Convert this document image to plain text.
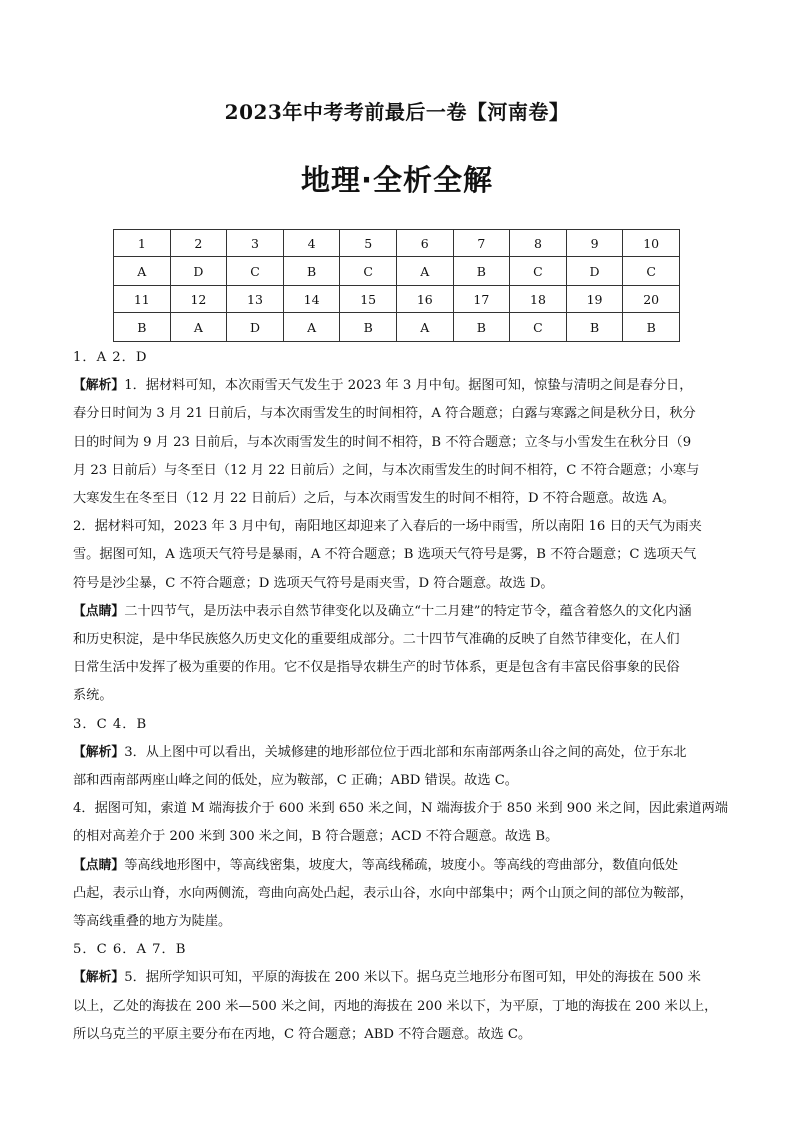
2023年中考考前最后一卷【河南卷】
地理·全析全解
1	2	3	4	5	6	7	8	9	10
A	D	C	B	C	A	B	C	D	C
11	12	13	14	15	16	17	18	19	20
B	A	D	A	B	A	B	C	B	B

1．A 2．D

【解析】1．据材料可知，本次雨雪天气发生于 2023 年 3 月中旬。据图可知，惊蛰与清明之间是春分日，

春分日时间为 3 月 21 日前后，与本次雨雪发生的时间相符，A 符合题意；白露与寒露之间是秋分日，秋分

日的时间为 9 月 23 日前后，与本次雨雪发生的时间不相符，B 不符合题意；立冬与小雪发生在秋分日（9

月 23 日前后）与冬至日（12 月 22 日前后）之间，与本次雨雪发生的时间不相符，C 不符合题意；小寒与

大寒发生在冬至日（12 月 22 日前后）之后，与本次雨雪发生的时间不相符，D 不符合题意。故选 A。

2．据材料可知，2023 年 3 月中旬，南阳地区却迎来了入春后的一场中雨雪，所以南阳 16 日的天气为雨夹

雪。据图可知，A 选项天气符号是暴雨，A 不符合题意；B 选项天气符号是雾，B 不符合题意；C 选项天气

符号是沙尘暴，C 不符合题意；D 选项天气符号是雨夹雪，D 符合题意。故选 D。

【点睛】二十四节气，是历法中表示自然节律变化以及确立“十二月建”的特定节令，蕴含着悠久的文化内涵

和历史积淀，是中华民族悠久历史文化的重要组成部分。二十四节气准确的反映了自然节律变化，在人们

日常生活中发挥了极为重要的作用。它不仅是指导农耕生产的时节体系，更是包含有丰富民俗事象的民俗

系统。

3．C 4．B

【解析】3．从上图中可以看出，关城修建的地形部位位于西北部和东南部两条山谷之间的高处，位于东北

部和西南部两座山峰之间的低处，应为鞍部，C 正确；ABD 错误。故选 C。

4．据图可知，索道 M 端海拔介于 600 米到 650 米之间，N 端海拔介于 850 米到 900 米之间，因此索道两端

的相对高差介于 200 米到 300 米之间，B 符合题意；ACD 不符合题意。故选 B。

【点睛】等高线地形图中，等高线密集，坡度大，等高线稀疏，坡度小。等高线的弯曲部分，数值向低处

凸起，表示山脊，水向两侧流，弯曲向高处凸起，表示山谷，水向中部集中；两个山顶之间的部位为鞍部，

等高线重叠的地方为陡崖。

5．C 6．A 7．B

【解析】5．据所学知识可知，平原的海拔在 200 米以下。据乌克兰地形分布图可知，甲处的海拔在 500 米

以上，乙处的海拔在 200 米—500 米之间，丙地的海拔在 200 米以下，为平原，丁地的海拔在 200 米以上，

所以乌克兰的平原主要分布在丙地，C 符合题意；ABD 不符合题意。故选 C。
